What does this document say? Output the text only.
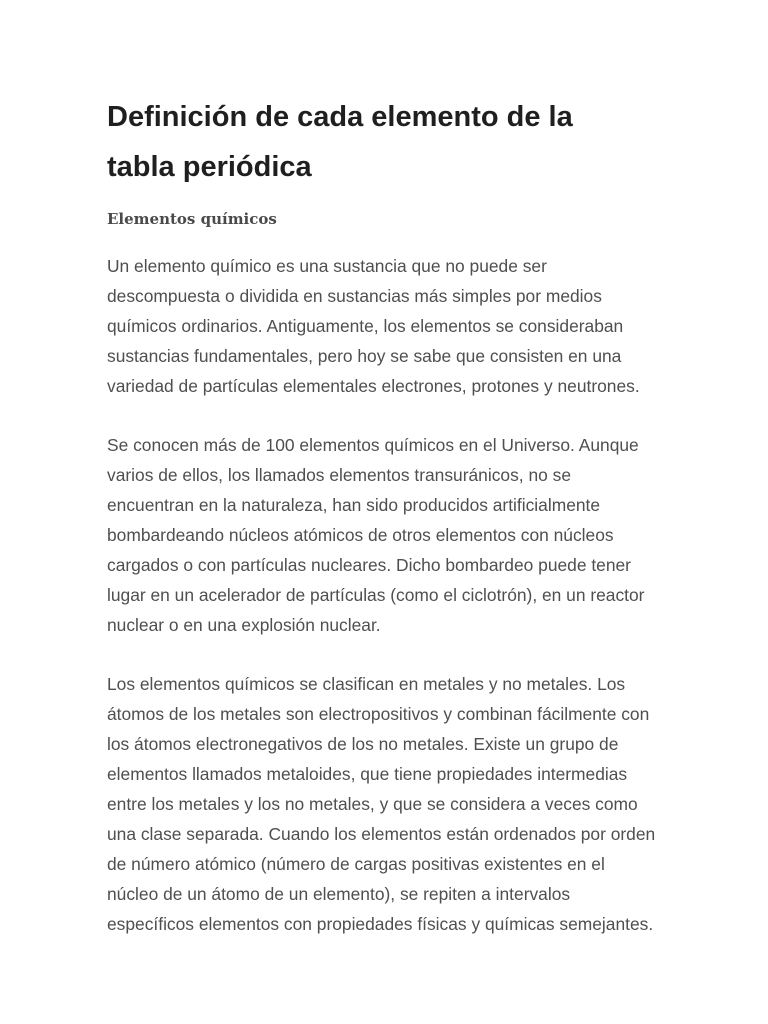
Definición de cada elemento de la
tabla periódica
Elementos químicos

Un elemento químico es una sustancia que no puede ser
descompuesta o dividida en sustancias más simples por medios
químicos ordinarios. Antiguamente, los elementos se consideraban
sustancias fundamentales, pero hoy se sabe que consisten en una
variedad de partículas elementales electrones, protones y neutrones.

Se conocen más de 100 elementos químicos en el Universo. Aunque
varios de ellos, los llamados elementos transuránicos, no se
encuentran en la naturaleza, han sido producidos artificialmente
bombardeando núcleos atómicos de otros elementos con núcleos
cargados o con partículas nucleares. Dicho bombardeo puede tener
lugar en un acelerador de partículas (como el ciclotrón), en un reactor
nuclear o en una explosión nuclear.

Los elementos químicos se clasifican en metales y no metales. Los
átomos de los metales son electropositivos y combinan fácilmente con
los átomos electronegativos de los no metales. Existe un grupo de
elementos llamados metaloides, que tiene propiedades intermedias
entre los metales y los no metales, y que se considera a veces como
una clase separada. Cuando los elementos están ordenados por orden
de número atómico (número de cargas positivas existentes en el
núcleo de un átomo de un elemento), se repiten a intervalos
específicos elementos con propiedades físicas y químicas semejantes.
